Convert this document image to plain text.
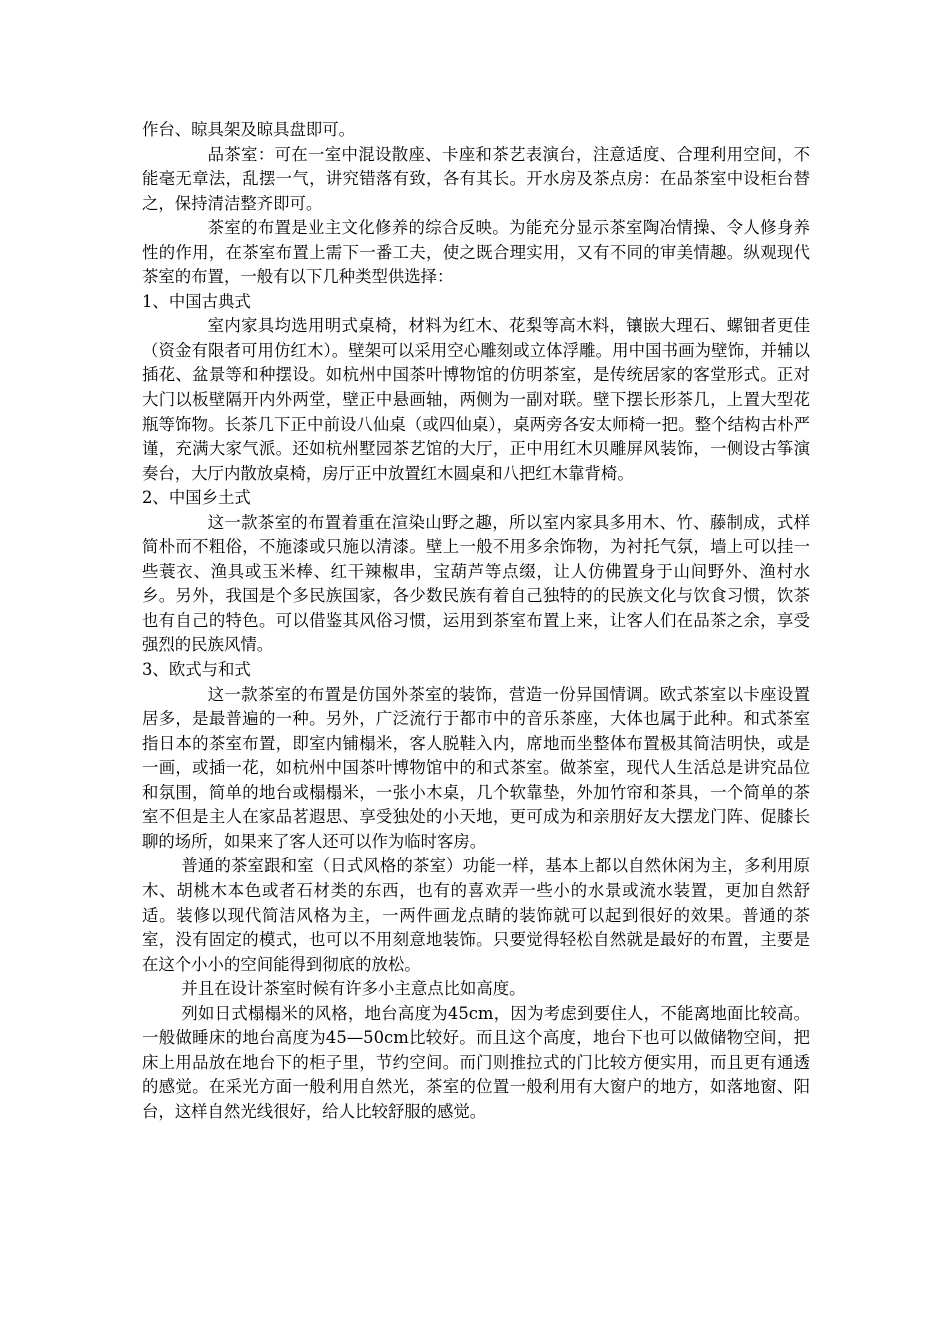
作台、晾具架及晾具盘即可。

品茶室：可在一室中混设散座、卡座和茶艺表演台，注意适度、合理利用空间，不能毫无章法，乱摆一气，讲究错落有致，各有其长。开水房及茶点房：在品茶室中设柜台替之，保持清洁整齐即可。

茶室的布置是业主文化修养的综合反映。为能充分显示茶室陶冶情操、令人修身养性的作用，在茶室布置上需下一番工夫，使之既合理实用，又有不同的审美情趣。纵观现代茶室的布置，一般有以下几种类型供选择：

1、中国古典式

室内家具均选用明式桌椅，材料为红木、花梨等高木料，镶嵌大理石、螺钿者更佳（资金有限者可用仿红木）。壁架可以采用空心雕刻或立体浮雕。用中国书画为壁饰，并辅以插花、盆景等和种摆设。如杭州中国茶叶博物馆的仿明茶室，是传统居家的客堂形式。正对大门以板壁隔开内外两堂，壁正中悬画轴，两侧为一副对联。壁下摆长形茶几，上置大型花瓶等饰物。长茶几下正中前设八仙桌（或四仙桌），桌两旁各安太师椅一把。整个结构古朴严谨，充满大家气派。还如杭州墅园茶艺馆的大厅，正中用红木贝雕屏风装饰，一侧设古筝演奏台，大厅内散放桌椅，房厅正中放置红木圆桌和八把红木靠背椅。

2、中国乡土式

这一款茶室的布置着重在渲染山野之趣，所以室内家具多用木、竹、藤制成，式样简朴而不粗俗，不施漆或只施以清漆。壁上一般不用多余饰物，为衬托气氛，墙上可以挂一些蓑衣、渔具或玉米棒、红干辣椒串，宝葫芦等点缀，让人仿佛置身于山间野外、渔村水乡。另外，我国是个多民族国家，各少数民族有着自己独特的的民族文化与饮食习惯，饮茶也有自己的特色。可以借鉴其风俗习惯，运用到茶室布置上来，让客人们在品茶之余，享受强烈的民族风情。

3、欧式与和式

这一款茶室的布置是仿国外茶室的装饰，营造一份异国情调。欧式茶室以卡座设置居多，是最普遍的一种。另外，广泛流行于都市中的音乐茶座，大体也属于此种。和式茶室指日本的茶室布置，即室内铺榻米，客人脱鞋入内，席地而坐整体布置极其简洁明快，或是一画，或插一花，如杭州中国茶叶博物馆中的和式茶室。做茶室，现代人生活总是讲究品位和氛围，简单的地台或榻榻米，一张小木桌，几个软靠垫，外加竹帘和茶具，一个简单的茶室不但是主人在家品茗遐思、享受独处的小天地，更可成为和亲朋好友大摆龙门阵、促膝长聊的场所，如果来了客人还可以作为临时客房。

普通的茶室跟和室（日式风格的茶室）功能一样，基本上都以自然休闲为主，多利用原木、胡桃木本色或者石材类的东西，也有的喜欢弄一些小的水景或流水装置，更加自然舒适。装修以现代简洁风格为主，一两件画龙点睛的装饰就可以起到很好的效果。普通的茶室，没有固定的模式，也可以不用刻意地装饰。只要觉得轻松自然就是最好的布置，主要是在这个小小的空间能得到彻底的放松。

并且在设计茶室时候有许多小主意点比如高度。

列如日式榻榻米的风格，地台高度为45cm，因为考虑到要住人，不能离地面比较高。一般做睡床的地台高度为45—50cm比较好。而且这个高度，地台下也可以做储物空间，把床上用品放在地台下的柜子里，节约空间。而门则推拉式的门比较方便实用，而且更有通透的感觉。在采光方面一般利用自然光，茶室的位置一般利用有大窗户的地方，如落地窗、阳台，这样自然光线很好，给人比较舒服的感觉。
